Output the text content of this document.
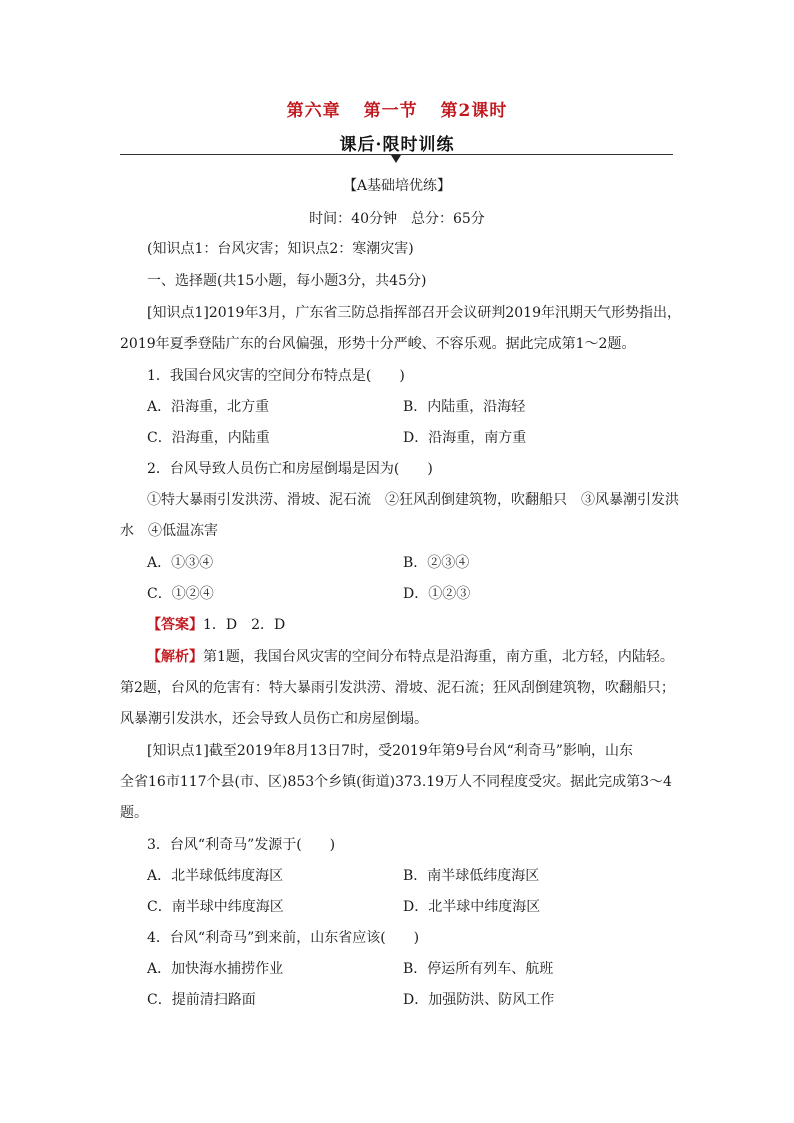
第六章 第一节 第2课时
课后·限时训练
【A基础培优练】
时间：40分钟　总分：65分
(知识点1：台风灾害；知识点2：寒潮灾害)
一、选择题(共15小题，每小题3分，共45分)
[知识点1]2019年3月，广东省三防总指挥部召开会议研判2019年汛期天气形势指出，
2019年夏季登陆广东的台风偏强，形势十分严峻、不容乐观。据此完成第1～2题。
1．我国台风灾害的空间分布特点是(　　)
A．沿海重，北方重	B．内陆重，沿海轻
C．沿海重，内陆重	D．沿海重，南方重
2．台风导致人员伤亡和房屋倒塌是因为(　　)
①特大暴雨引发洪涝、滑坡、泥石流　②狂风刮倒建筑物，吹翻船只　③风暴潮引发洪
水　④低温冻害
A．①③④	B．②③④
C．①②④	D．①②③
【答案】1．D　2．D
【解析】第1题，我国台风灾害的空间分布特点是沿海重，南方重，北方轻，内陆轻。
第2题，台风的危害有：特大暴雨引发洪涝、滑坡、泥石流；狂风刮倒建筑物，吹翻船只；
风暴潮引发洪水，还会导致人员伤亡和房屋倒塌。
[知识点1]截至2019年8月13日7时，受2019年第9号台风“利奇马”影响，山东
全省16市117个县(市、区)853个乡镇(街道)373.19万人不同程度受灾。据此完成第3～4
题。
3．台风“利奇马”发源于(　　)
A．北半球低纬度海区	B．南半球低纬度海区
C．南半球中纬度海区	D．北半球中纬度海区
4．台风“利奇马”到来前，山东省应该(　　)
A．加快海水捕捞作业	B．停运所有列车、航班
C．提前清扫路面	D．加强防洪、防风工作
